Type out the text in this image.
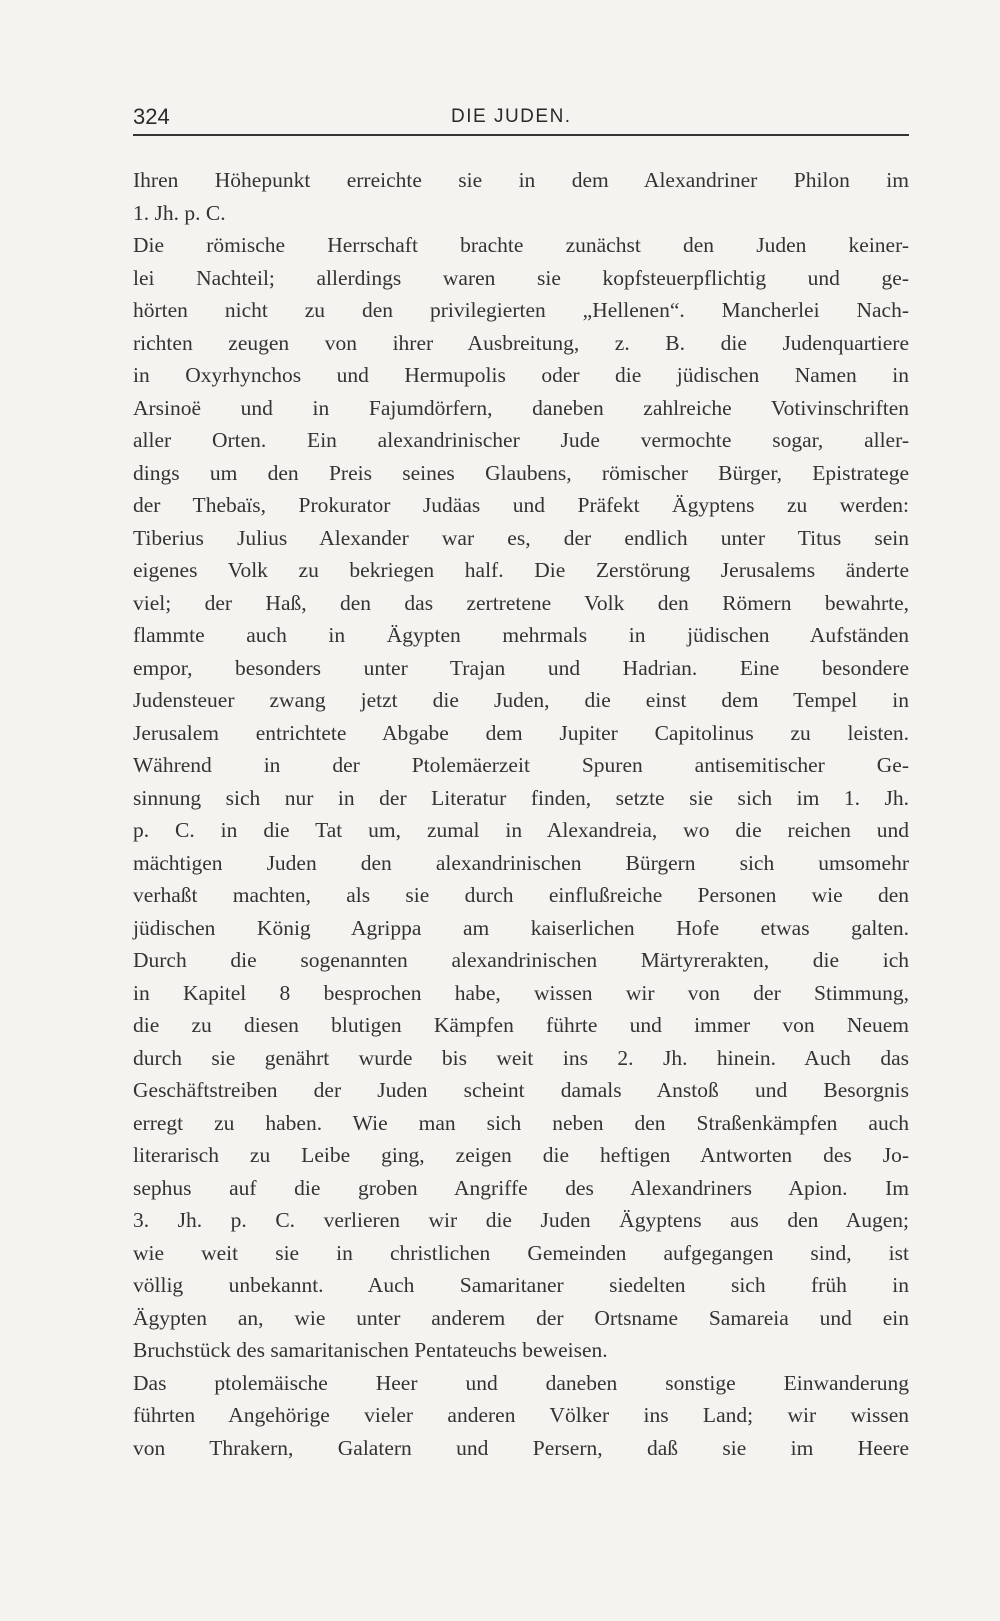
324	DIE JUDEN.
Ihren Höhepunkt erreichte sie in dem Alexandriner Philon im
1. Jh. p. C.
Die römische Herrschaft brachte zunächst den Juden keiner-
lei Nachteil; allerdings waren sie kopfsteuerpflichtig und ge-
hörten nicht zu den privilegierten „Hellenen“. Mancherlei Nach-
richten zeugen von ihrer Ausbreitung, z. B. die Judenquartiere
in Oxyrhynchos und Hermupolis oder die jüdischen Namen in
Arsinoë und in Fajumdörfern, daneben zahlreiche Votivinschriften
aller Orten. Ein alexandrinischer Jude vermochte sogar, aller-
dings um den Preis seines Glaubens, römischer Bürger, Epistratege
der Thebaïs, Prokurator Judäas und Präfekt Ägyptens zu werden:
Tiberius Julius Alexander war es, der endlich unter Titus sein
eigenes Volk zu bekriegen half. Die Zerstörung Jerusalems änderte
viel; der Haß, den das zertretene Volk den Römern bewahrte,
flammte auch in Ägypten mehrmals in jüdischen Aufständen
empor, besonders unter Trajan und Hadrian. Eine besondere
Judensteuer zwang jetzt die Juden, die einst dem Tempel in
Jerusalem entrichtete Abgabe dem Jupiter Capitolinus zu leisten.
Während in der Ptolemäerzeit Spuren antisemitischer Ge-
sinnung sich nur in der Literatur finden, setzte sie sich im 1. Jh.
p. C. in die Tat um, zumal in Alexandreia, wo die reichen und
mächtigen Juden den alexandrinischen Bürgern sich umsomehr
verhaßt machten, als sie durch einflußreiche Personen wie den
jüdischen König Agrippa am kaiserlichen Hofe etwas galten.
Durch die sogenannten alexandrinischen Märtyrerakten, die ich
in Kapitel 8 besprochen habe, wissen wir von der Stimmung,
die zu diesen blutigen Kämpfen führte und immer von Neuem
durch sie genährt wurde bis weit ins 2. Jh. hinein. Auch das
Geschäftstreiben der Juden scheint damals Anstoß und Besorgnis
erregt zu haben. Wie man sich neben den Straßenkämpfen auch
literarisch zu Leibe ging, zeigen die heftigen Antworten des Jo-
sephus auf die groben Angriffe des Alexandriners Apion. Im
3. Jh. p. C. verlieren wir die Juden Ägyptens aus den Augen;
wie weit sie in christlichen Gemeinden aufgegangen sind, ist
völlig unbekannt. Auch Samaritaner siedelten sich früh in
Ägypten an, wie unter anderem der Ortsname Samareia und ein
Bruchstück des samaritanischen Pentateuchs beweisen.
Das ptolemäische Heer und daneben sonstige Einwanderung
führten Angehörige vieler anderen Völker ins Land; wir wissen
von Thrakern, Galatern und Persern, daß sie im Heere
